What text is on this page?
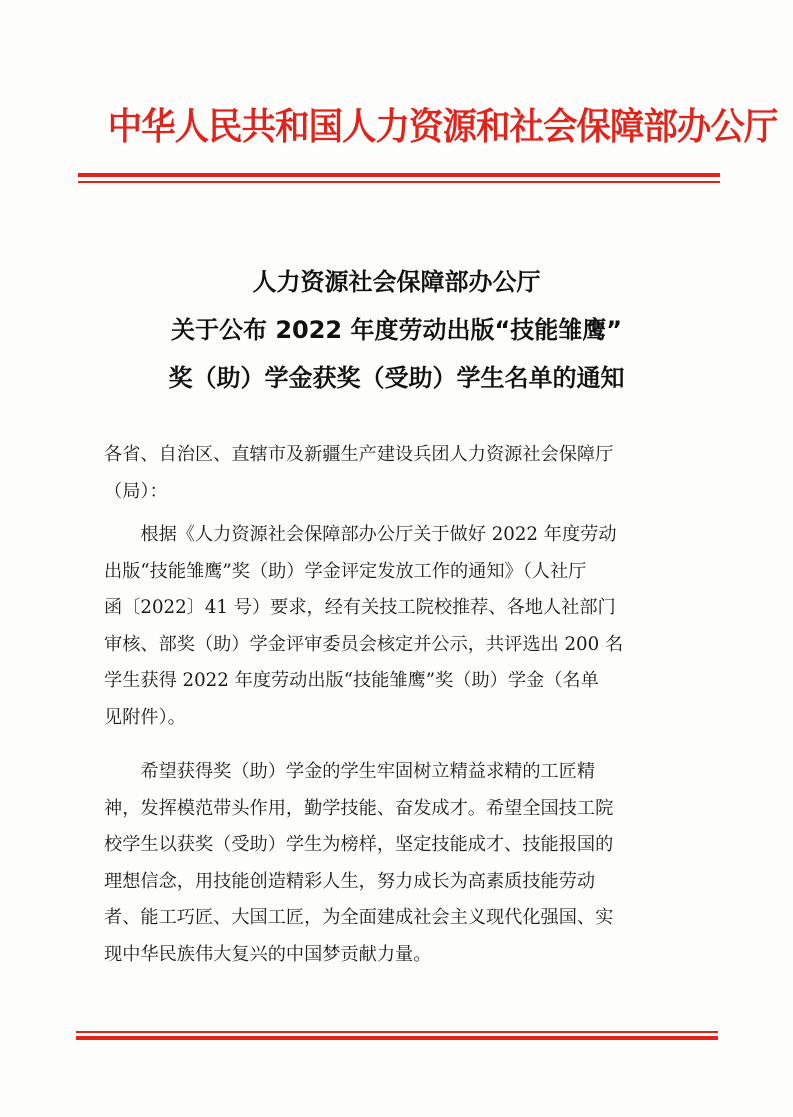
中华人民共和国人力资源和社会保障部办公厅
人力资源社会保障部办公厅
关于公布 2022 年度劳动出版“技能雏鹰”
奖（助）学金获奖（受助）学生名单的通知
各省、自治区、直辖市及新疆生产建设兵团人力资源社会保障厅
（局）：
　　根据《人力资源社会保障部办公厅关于做好 2022 年度劳动
出版“技能雏鹰”奖（助）学金评定发放工作的通知》（人社厅
函〔2022〕41 号）要求，经有关技工院校推荐、各地人社部门
审核、部奖（助）学金评审委员会核定并公示，共评选出 200 名
学生获得 2022 年度劳动出版“技能雏鹰”奖（助）学金（名单
见附件）。
　　希望获得奖（助）学金的学生牢固树立精益求精的工匠精
神，发挥模范带头作用，勤学技能、奋发成才。希望全国技工院
校学生以获奖（受助）学生为榜样，坚定技能成才、技能报国的
理想信念，用技能创造精彩人生，努力成长为高素质技能劳动
者、能工巧匠、大国工匠，为全面建成社会主义现代化强国、实
现中华民族伟大复兴的中国梦贡献力量。
